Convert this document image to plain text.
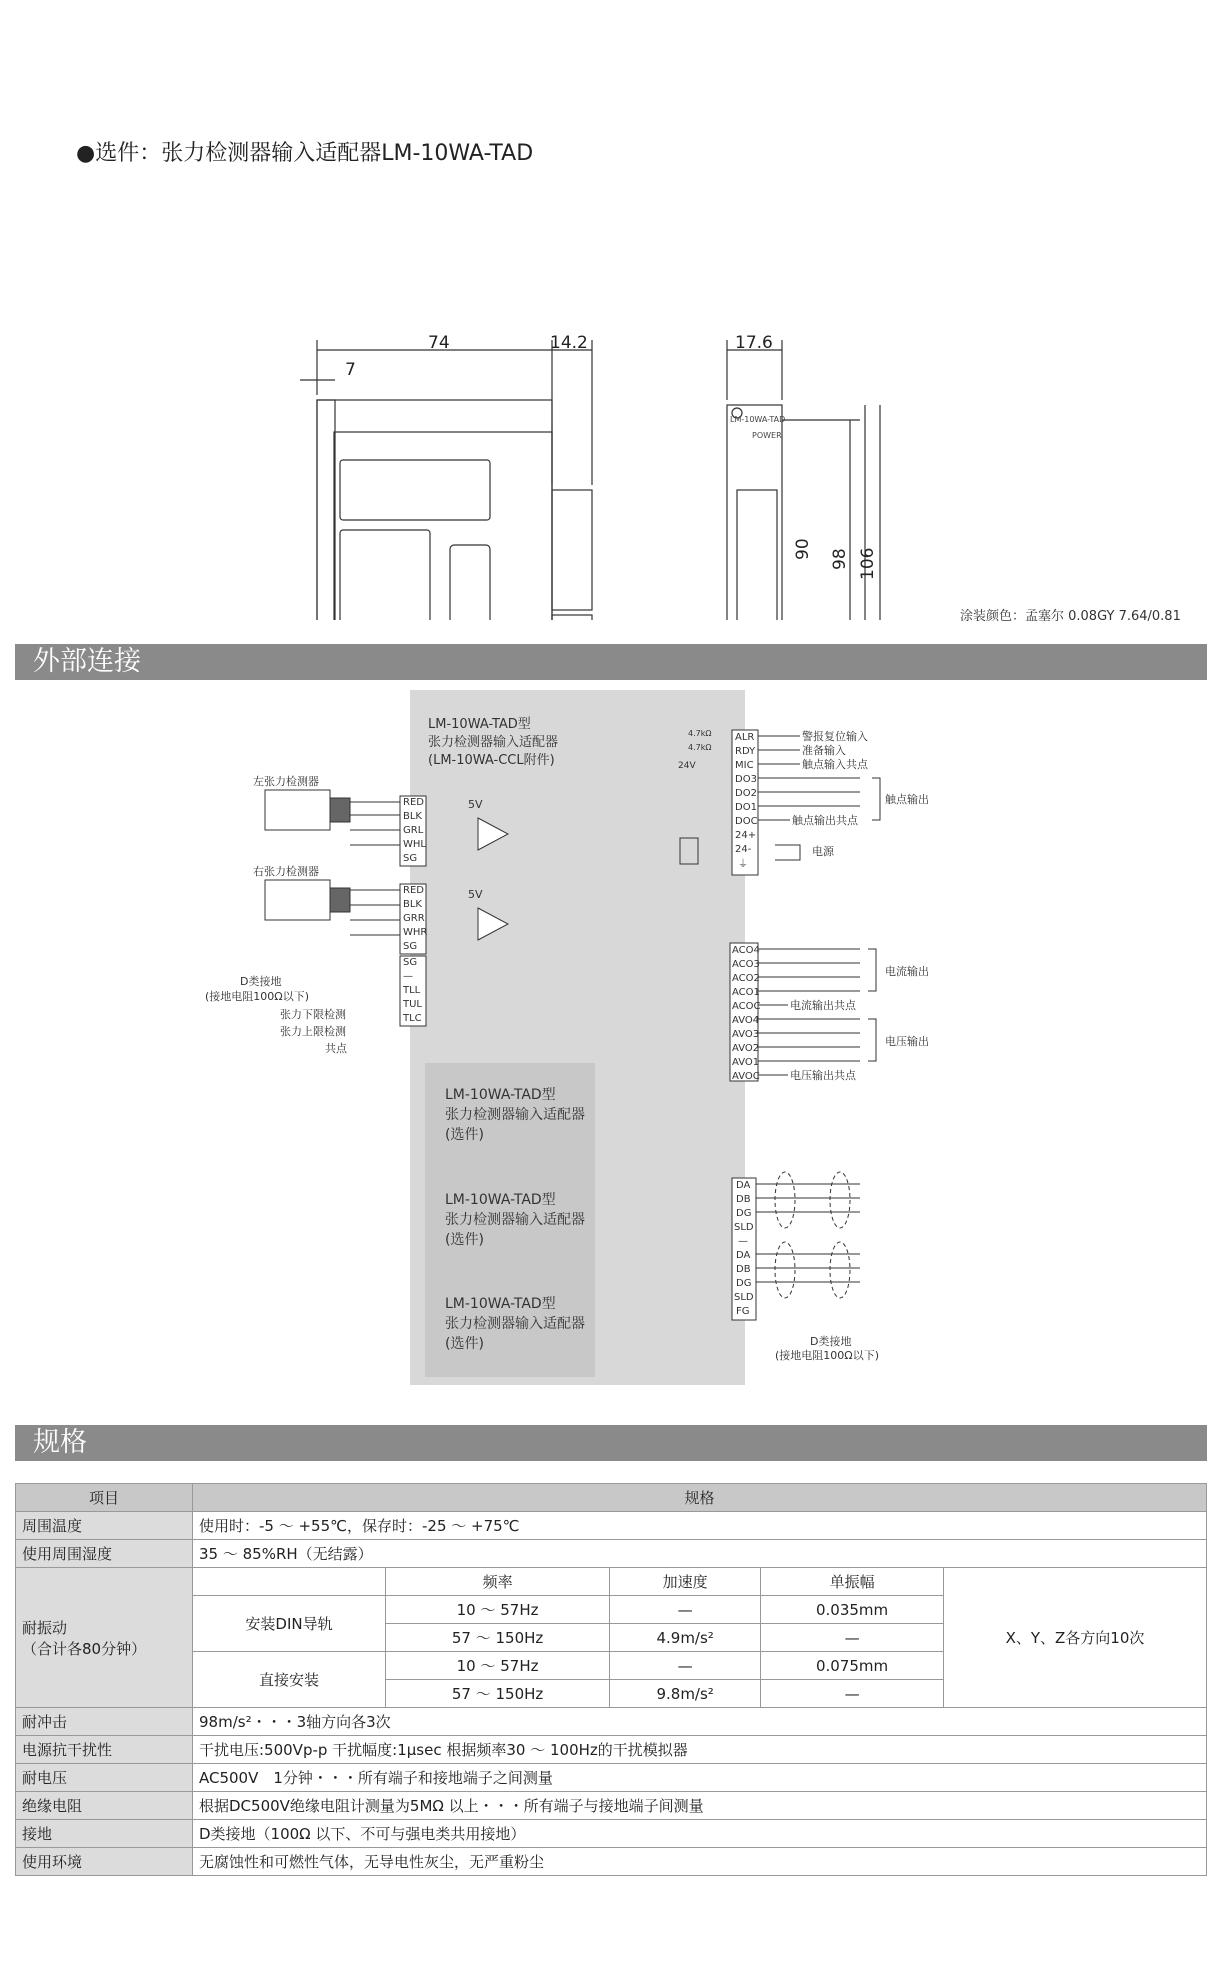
●选件：张力检测器输入适配器LM-10WA-TAD
74	14.2
7
17.6
90 98 106
LM-10WA-TAD
POWER
涂装颜色：孟塞尔 0.08GY 7.64/0.81
外部连接
LM-10WA-TAD型
张力检测器输入适配器
(LM-10WA-CCL附件)
左张力检测器
右张力检测器
5V
5V
D类接地
(接地电阻100Ω以下)
张力下限检测
张力上限检测
共点
RED
BLK
GRL
WHL
SG
RED
BLK
GRR
WHR
SG
SG
—
TLL
TUL
TLC
ALR
RDY
MIC
DO3
DO2
DO1
DOC
24+
24-
⏚
4.7kΩ
4.7kΩ
24V
警报复位输入
准备输入
触点输入共点
触点输出
触点输出共点
电源
ACO4
ACO3
ACO2
ACO1
ACOC
AVO4
AVO3
AVO2
AVO1
AVOC
电流输出
电流输出共点
电压输出
电压输出共点
DA
DB
DG
SLD
—
DA
DB
DG
SLD
FG
D类接地
(接地电阻100Ω以下)
LM-10WA-TAD型
张力检测器输入适配器
(选件)
LM-10WA-TAD型
张力检测器输入适配器
(选件)
LM-10WA-TAD型
张力检测器输入适配器
(选件)
规格
项目	规格				
周围温度	使用时：-5 ～ +55℃，保存时：-25 ～ +75℃				
使用周围湿度	35 ～ 85%RH（无结露）				

耐振动
（合计各80分钟）		频率	加速度	单振幅	X、Y、Z各方向10次
	安装DIN导轨	10 ～ 57Hz	—	0.035mm	
		57 ～ 150Hz	4.9m/s²	—	
	直接安装	10 ～ 57Hz	—	0.075mm	
		57 ～ 150Hz	9.8m/s²	—	
耐冲击	98m/s²・・・3轴方向各3次				
电源抗干扰性	干扰电压:500Vp-p 干扰幅度:1μsec 根据频率30 ～ 100Hz的干扰模拟器				
耐电压	AC500V　1分钟・・・所有端子和接地端子之间测量				
绝缘电阻	根据DC500V绝缘电阻计测量为5MΩ 以上・・・所有端子与接地端子间测量				
接地	D类接地（100Ω 以下、不可与强电类共用接地）				
使用环境	无腐蚀性和可燃性气体，无导电性灰尘，无严重粉尘				
